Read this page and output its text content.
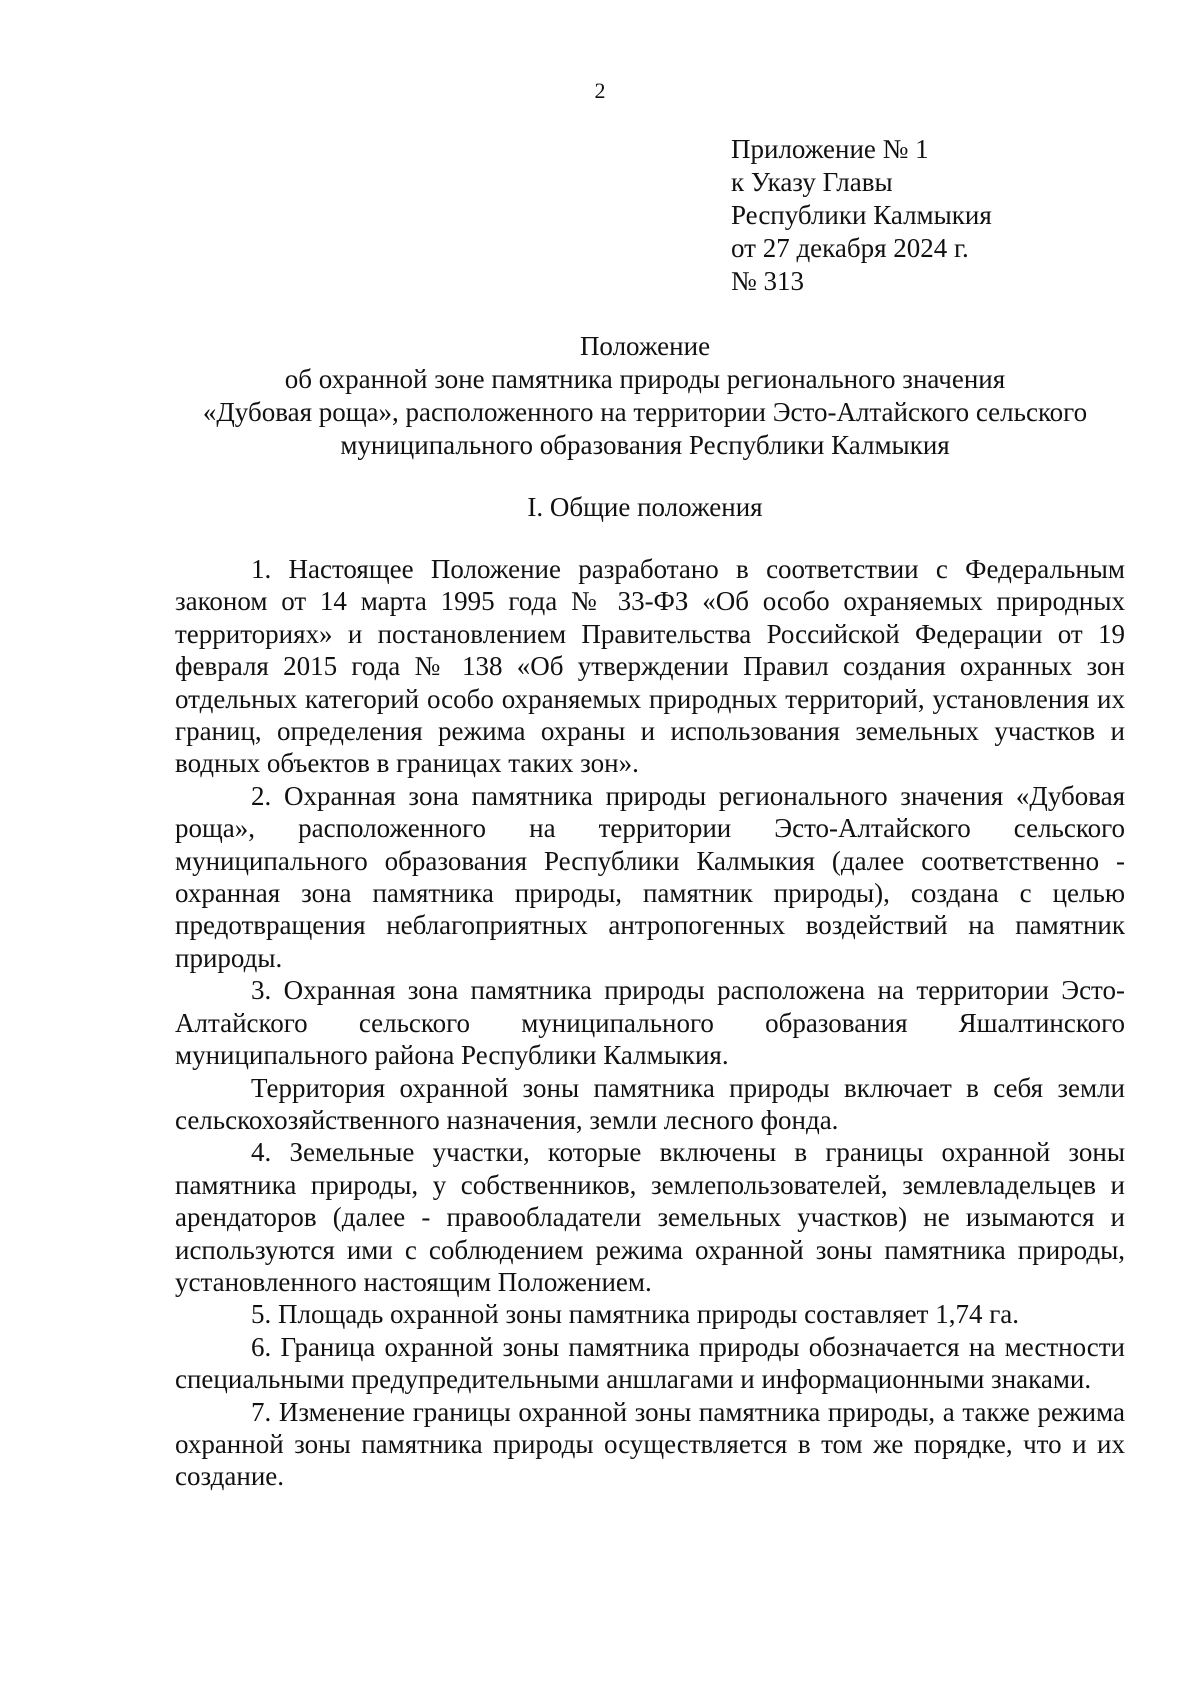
2
Приложение № 1
к Указу Главы
Республики Калмыкия
от 27 декабря 2024 г.
№ 313
Положение
об охранной зоне памятника природы регионального значения
«Дубовая роща», расположенного на территории Эсто-Алтайского сельского
муниципального образования Республики Калмыкия
I. Общие положения

1. Настоящее Положение разработано в соответствии с Федеральным законом от 14 марта 1995 года № 33-ФЗ «Об особо охраняемых природных территориях» и постановлением Правительства Российской Федерации от 19 февраля 2015 года № 138 «Об утверждении Правил создания охранных зон отдельных категорий особо охраняемых природных территорий, установления их границ, определения режима охраны и использования земельных участков и водных объектов в границах таких зон».

2. Охранная зона памятника природы регионального значения «Дубовая роща», расположенного на территории Эсто-Алтайского сельского муниципального образования Республики Калмыкия (далее соответственно - охранная зона памятника природы, памятник природы), создана с целью предотвращения неблагоприятных антропогенных воздействий на памятник природы.

3. Охранная зона памятника природы расположена на территории Эсто-Алтайского сельского муниципального образования Яшалтинского муниципального района Республики Калмыкия.

Территория охранной зоны памятника природы включает в себя земли сельскохозяйственного назначения, земли лесного фонда.

4. Земельные участки, которые включены в границы охранной зоны памятника природы, у собственников, землепользователей, землевладельцев и арендаторов (далее - правообладатели земельных участков) не изымаются и используются ими с соблюдением режима охранной зоны памятника природы, установленного настоящим Положением.

5. Площадь охранной зоны памятника природы составляет 1,74 га.

6. Граница охранной зоны памятника природы обозначается на местности специальными предупредительными аншлагами и информационными знаками.

7. Изменение границы охранной зоны памятника природы, а также режима охранной зоны памятника природы осуществляется в том же порядке, что и их создание.
